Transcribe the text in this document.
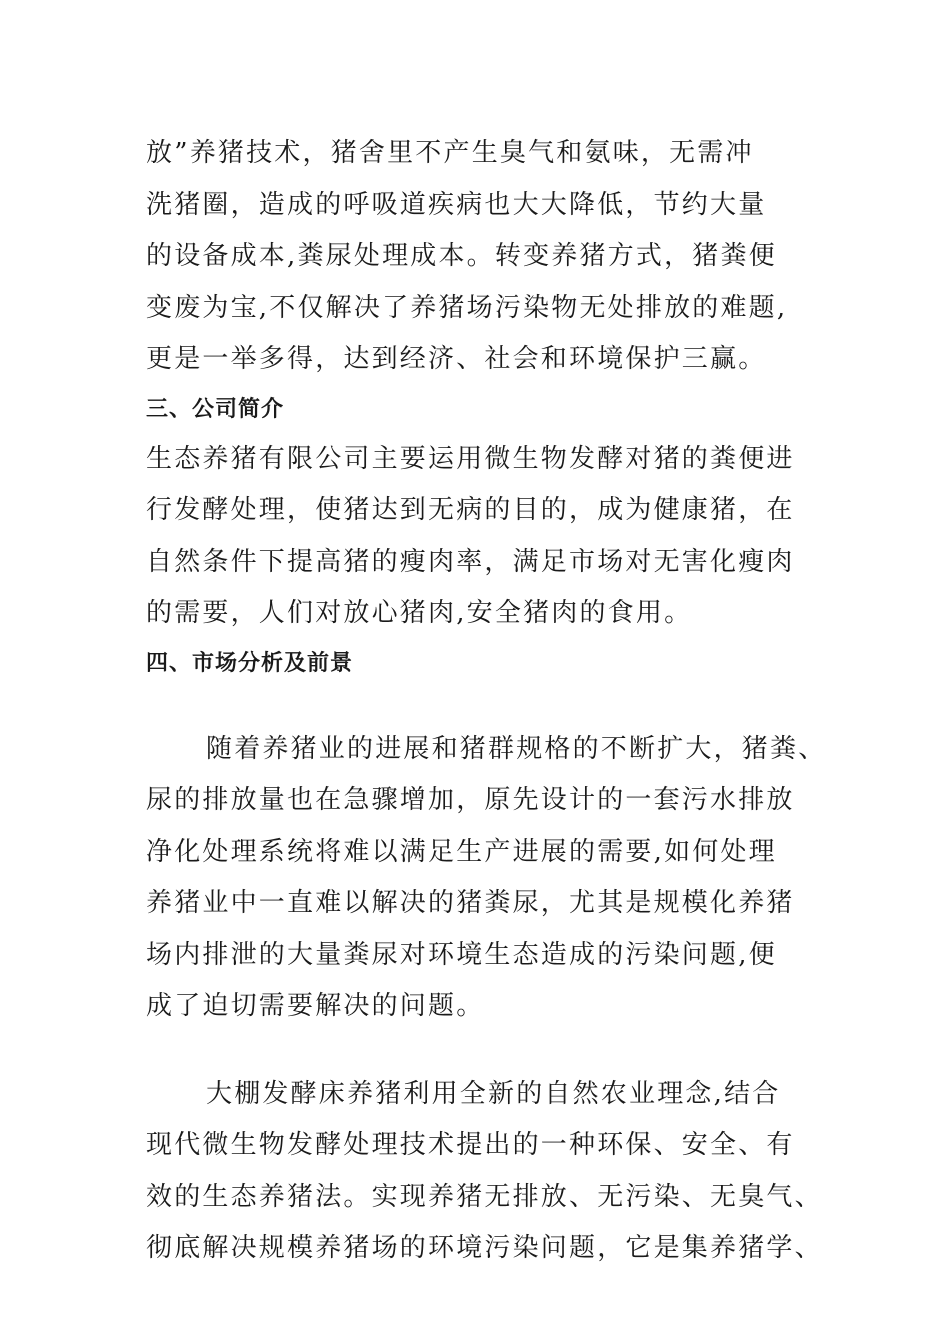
放”养猪技术，猪舍里不产生臭气和氨味，无需冲
洗猪圈，造成的呼吸道疾病也大大降低，节约大量
的设备成本,粪尿处理成本。转变养猪方式，猪粪便
变废为宝,不仅解决了养猪场污染物无处排放的难题,
更是一举多得，达到经济、社会和环境保护三赢。
三、公司简介
生态养猪有限公司主要运用微生物发酵对猪的粪便进
行发酵处理，使猪达到无病的目的，成为健康猪，在
自然条件下提高猪的瘦肉率，满足市场对无害化瘦肉
的需要，人们对放心猪肉,安全猪肉的食用。
四、市场分析及前景
随着养猪业的进展和猪群规格的不断扩大，猪粪、
尿的排放量也在急骤增加，原先设计的一套污水排放
净化处理系统将难以满足生产进展的需要,如何处理
养猪业中一直难以解决的猪粪尿，尤其是规模化养猪
场内排泄的大量粪尿对环境生态造成的污染问题,便
成了迫切需要解决的问题。
大棚发酵床养猪利用全新的自然农业理念,结合
现代微生物发酵处理技术提出的一种环保、安全、有
效的生态养猪法。实现养猪无排放、无污染、无臭气、
彻底解决规模养猪场的环境污染问题，它是集养猪学、
